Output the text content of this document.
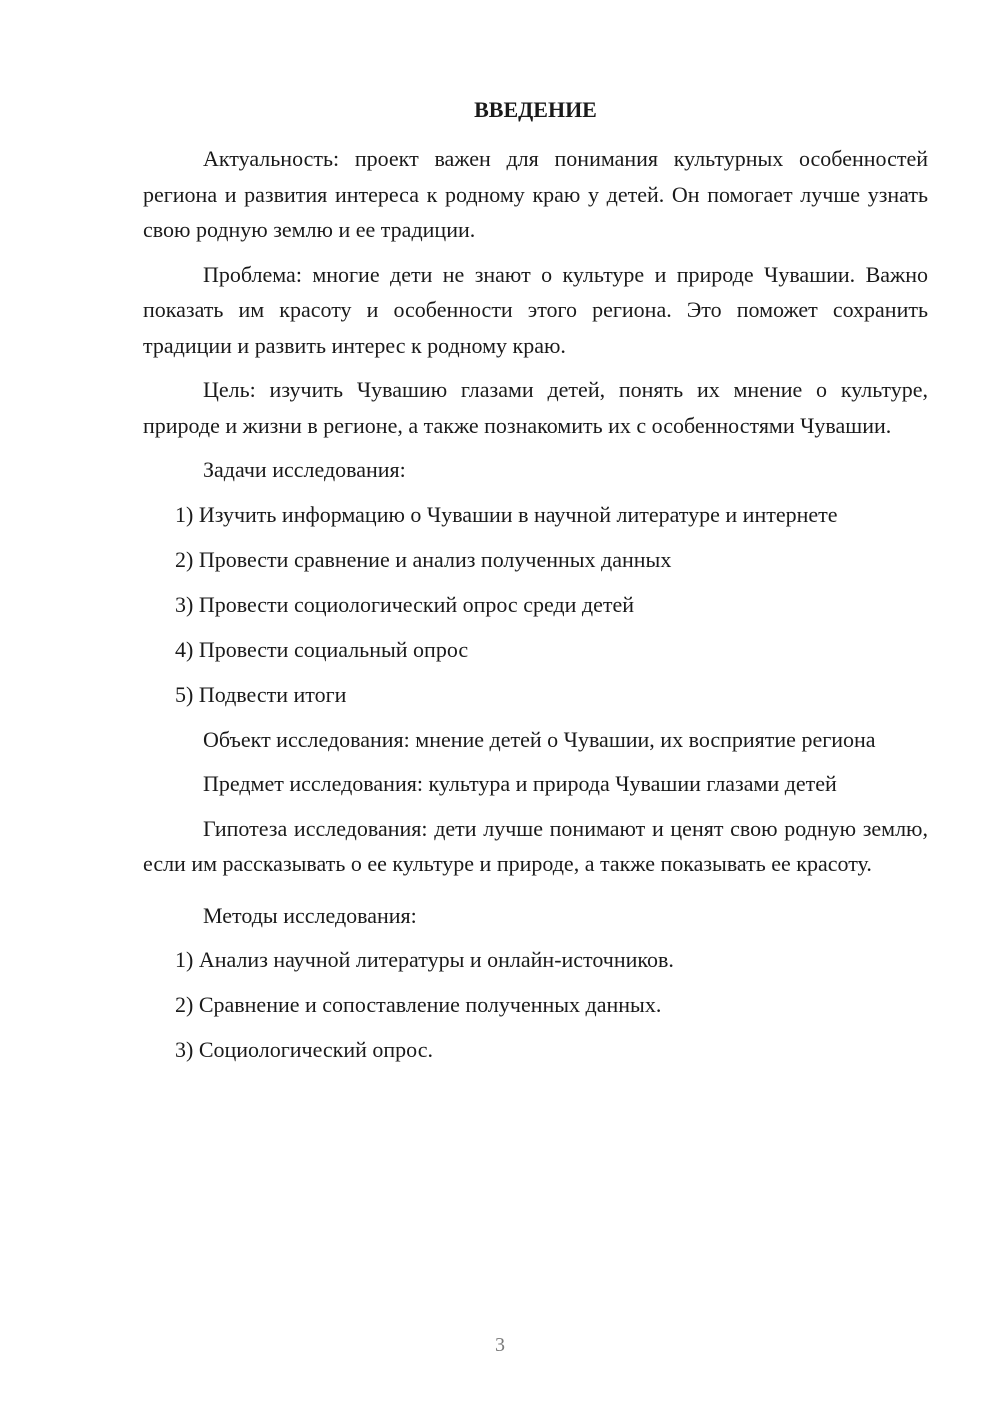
ВВЕДЕНИЕ

Актуальность: проект важен для понимания культурных особенностей региона и развития интереса к родному краю у детей. Он помогает лучше узнать свою родную землю и ее традиции.

Проблема: многие дети не знают о культуре и природе Чувашии. Важно показать им красоту и особенности этого региона. Это поможет сохранить традиции и развить интерес к родному краю.

Цель: изучить Чувашию глазами детей, понять их мнение о культуре, природе и жизни в регионе, а также познакомить их с особенностями Чувашии.

Задачи исследования:

1) Изучить информацию о Чувашии в научной литературе и интернете
2) Провести сравнение и анализ полученных данных
3) Провести социологический опрос среди детей
4) Провести социальный опрос
5) Подвести итоги

Объект исследования: мнение детей о Чувашии, их восприятие региона

Предмет исследования: культура и природа Чувашии глазами детей

Гипотеза исследования: дети лучше понимают и ценят свою родную землю, если им рассказывать о ее культуре и природе, а также показывать ее красоту.

Методы исследования:

1) Анализ научной литературы и онлайн-источников.
2) Сравнение и сопоставление полученных данных.
3) Социологический опрос.
3
